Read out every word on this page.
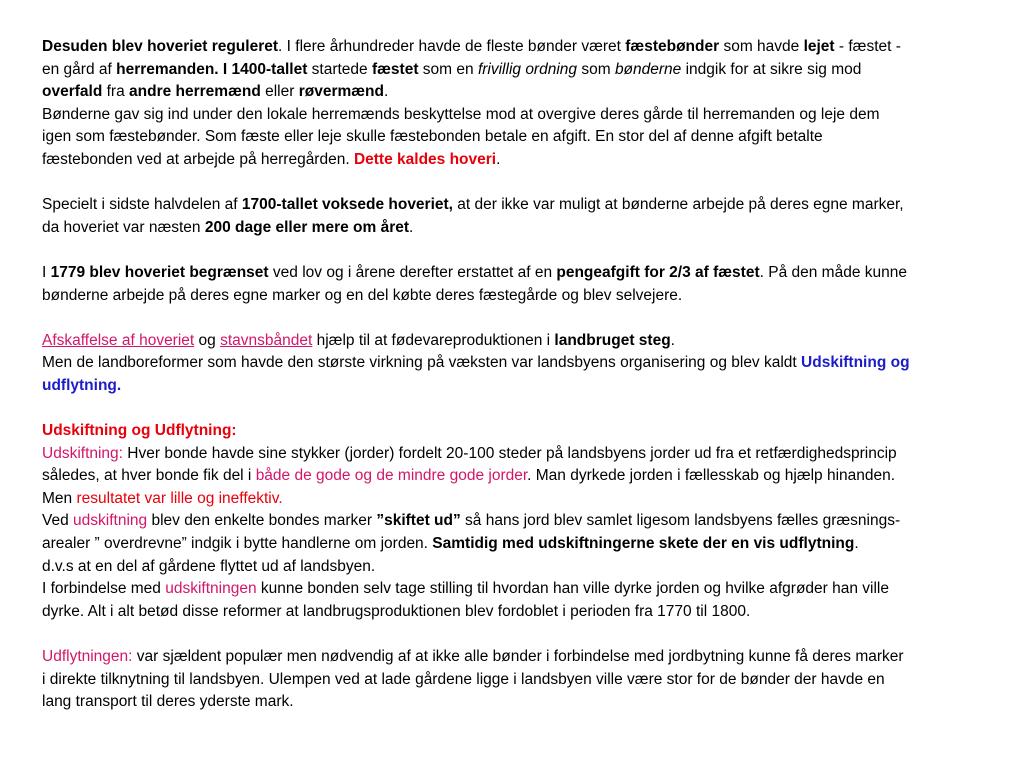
Desuden blev hoveriet reguleret. I flere århundreder havde de fleste bønder været fæstebønder som havde lejet - fæstet -
en gård af herremanden. I 1400-tallet startede fæstet som en frivillig ordning som bønderne indgik for at sikre sig mod
overfald fra andre herremænd eller røvermænd.
Bønderne gav sig ind under den lokale herremænds beskyttelse mod at overgive deres gårde til herremanden og leje dem
igen som fæstebønder. Som fæste eller leje skulle fæstebonden betale en afgift. En stor del af denne afgift betalte
fæstebonden ved at arbejde på herregården. Dette kaldes hoveri.
Specielt i sidste halvdelen af 1700-tallet voksede hoveriet, at der ikke var muligt at bønderne arbejde på deres egne marker,
da hoveriet var næsten 200 dage eller mere om året.
I 1779 blev hoveriet begrænset ved lov og i årene derefter erstattet af en pengeafgift for 2/3 af fæstet. På den måde kunne
bønderne arbejde på deres egne marker og en del købte deres fæstegårde og blev selvejere.
Afskaffelse af hoveriet og stavnsbåndet hjælp til at fødevareproduktionen i landbruget steg.
Men de landboreformer som havde den største virkning på væksten var landsbyens organisering og blev kaldt Udskiftning og
udflytning.
Udskiftning og Udflytning:
Udskiftning: Hver bonde havde sine stykker (jorder) fordelt 20-100 steder på landsbyens jorder ud fra et retfærdighedsprincip
således, at hver bonde fik del i både de gode og de mindre gode jorder. Man dyrkede jorden i fællesskab og hjælp hinanden.
Men resultatet var lille og ineffektiv.
Ved udskiftning blev den enkelte bondes marker ”skiftet ud” så hans jord blev samlet ligesom landsbyens fælles græsnings-
arealer ” overdrevne” indgik i bytte handlerne om jorden. Samtidig med udskiftningerne skete der en vis udflytning.
d.v.s at en del af gårdene flyttet ud af landsbyen.
I forbindelse med udskiftningen kunne bonden selv tage stilling til hvordan han ville dyrke jorden og hvilke afgrøder han ville
dyrke. Alt i alt betød disse reformer at landbrugsproduktionen blev fordoblet i perioden fra 1770 til 1800.
Udflytningen: var sjældent populær men nødvendig af at ikke alle bønder i forbindelse med jordbytning kunne få deres marker
i direkte tilknytning til landsbyen. Ulempen ved at lade gårdene ligge i landsbyen ville være stor for de bønder der havde en
lang transport til deres yderste mark.
